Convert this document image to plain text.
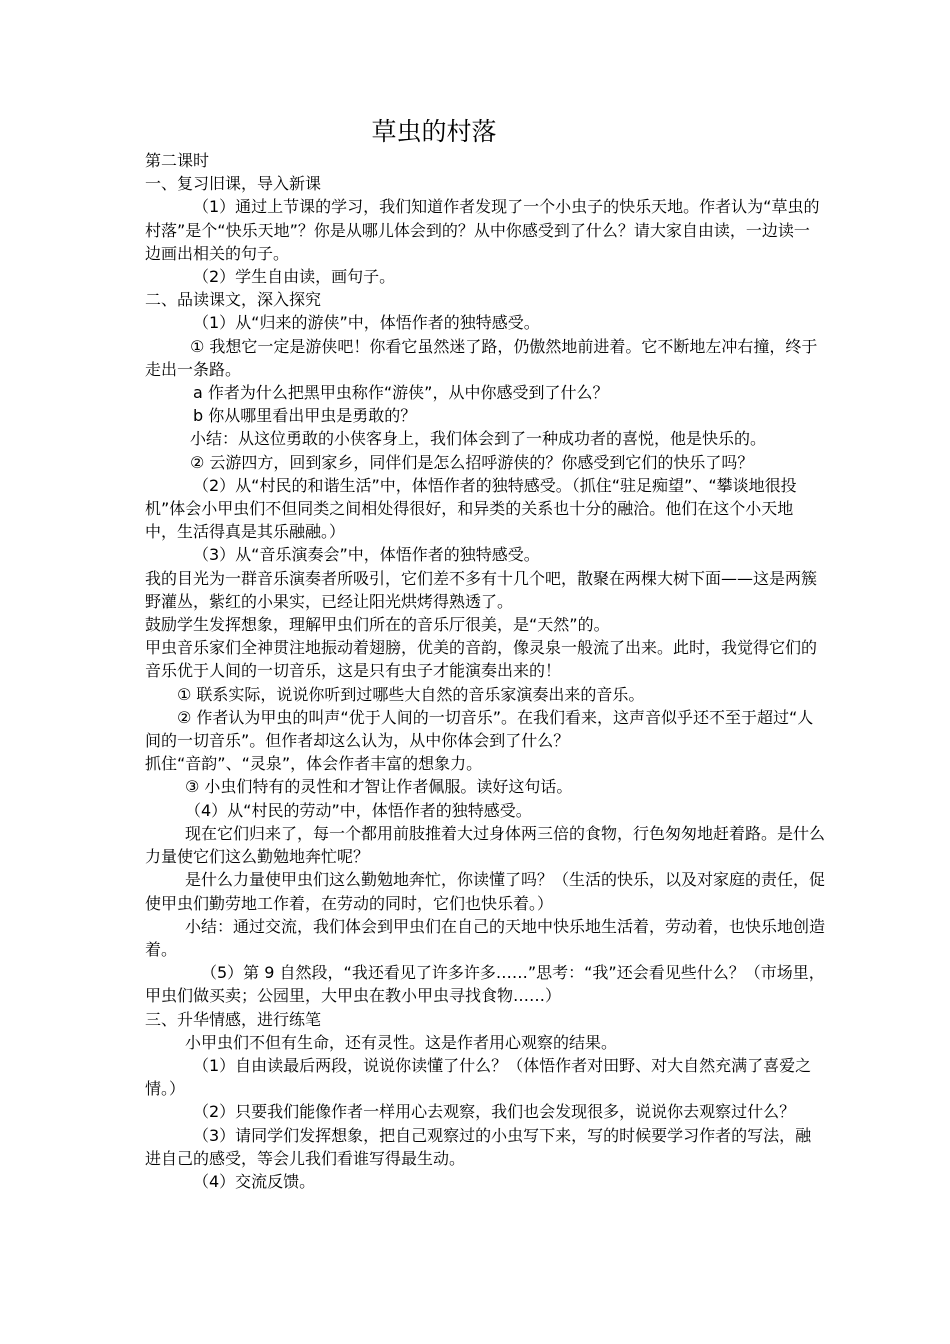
草虫的村落

第二课时

一、复习旧课，导入新课

（1）通过上节课的学习，我们知道作者发现了一个小虫子的快乐天地。作者认为“草虫的村落”是个“快乐天地”？你是从哪儿体会到的？从中你感受到了什么？请大家自由读，一边读一边画出相关的句子。

（2）学生自由读，画句子。

二、品读课文，深入探究

（1）从“归来的游侠”中，体悟作者的独特感受。

① 我想它一定是游侠吧！你看它虽然迷了路，仍傲然地前进着。它不断地左冲右撞，终于走出一条路。

a 作者为什么把黑甲虫称作“游侠”，从中你感受到了什么？

b 你从哪里看出甲虫是勇敢的？

小结：从这位勇敢的小侠客身上，我们体会到了一种成功者的喜悦，他是快乐的。

② 云游四方，回到家乡，同伴们是怎么招呼游侠的？你感受到它们的快乐了吗？

（2）从“村民的和谐生活”中，体悟作者的独特感受。（抓住“驻足痴望”、“攀谈地很投机”体会小甲虫们不但同类之间相处得很好，和异类的关系也十分的融洽。他们在这个小天地中，生活得真是其乐融融。）

（3）从“音乐演奏会”中，体悟作者的独特感受。

我的目光为一群音乐演奏者所吸引，它们差不多有十几个吧，散聚在两棵大树下面——这是两簇野灌丛，紫红的小果实，已经让阳光烘烤得熟透了。

鼓励学生发挥想象，理解甲虫们所在的音乐厅很美，是“天然”的。

甲虫音乐家们全神贯注地振动着翅膀，优美的音韵，像灵泉一般流了出来。此时，我觉得它们的音乐优于人间的一切音乐，这是只有虫子才能演奏出来的！

① 联系实际，说说你听到过哪些大自然的音乐家演奏出来的音乐。

② 作者认为甲虫的叫声“优于人间的一切音乐”。在我们看来，这声音似乎还不至于超过“人间的一切音乐”。但作者却这么认为，从中你体会到了什么？

抓住“音韵”、“灵泉”，体会作者丰富的想象力。

③ 小虫们特有的灵性和才智让作者佩服。读好这句话。

（4）从“村民的劳动”中，体悟作者的独特感受。

现在它们归来了，每一个都用前肢推着大过身体两三倍的食物，行色匆匆地赶着路。是什么力量使它们这么勤勉地奔忙呢？

是什么力量使甲虫们这么勤勉地奔忙，你读懂了吗？（生活的快乐，以及对家庭的责任，促使甲虫们勤劳地工作着，在劳动的同时，它们也快乐着。）

小结：通过交流，我们体会到甲虫们在自己的天地中快乐地生活着，劳动着，也快乐地创造着。

（5）第 9 自然段，“我还看见了许多许多……”思考：“我”还会看见些什么？（市场里，甲虫们做买卖；公园里，大甲虫在教小甲虫寻找食物……）

三、升华情感，进行练笔

小甲虫们不但有生命，还有灵性。这是作者用心观察的结果。

（1）自由读最后两段，说说你读懂了什么？（体悟作者对田野、对大自然充满了喜爱之情。）

（2）只要我们能像作者一样用心去观察，我们也会发现很多，说说你去观察过什么？

（3）请同学们发挥想象，把自己观察过的小虫写下来，写的时候要学习作者的写法，融进自己的感受，等会儿我们看谁写得最生动。

（4）交流反馈。
